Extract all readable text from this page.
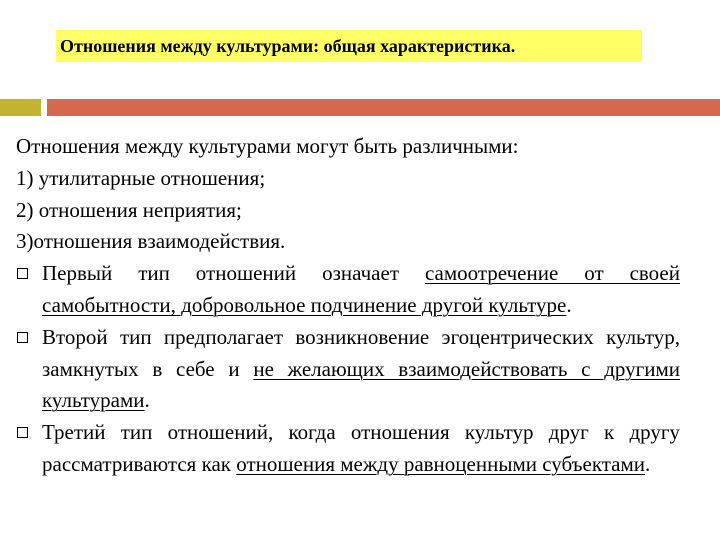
Отношения между культурами: общая характеристика.
Отношения между культурами могут быть различными:
1) утилитарные отношения;
2) отношения неприятия;
3)отношения взаимодействия.
Первый тип отношений означает самоотречение от своей самобытности, добровольное подчинение другой культуре.
Второй тип предполагает возникновение эгоцентрических культур, замкнутых в себе и не желающих взаимодействовать с другими культурами.
Третий тип отношений, когда отношения культур друг к другу рассматриваются как отношения между равноценными субъектами.
